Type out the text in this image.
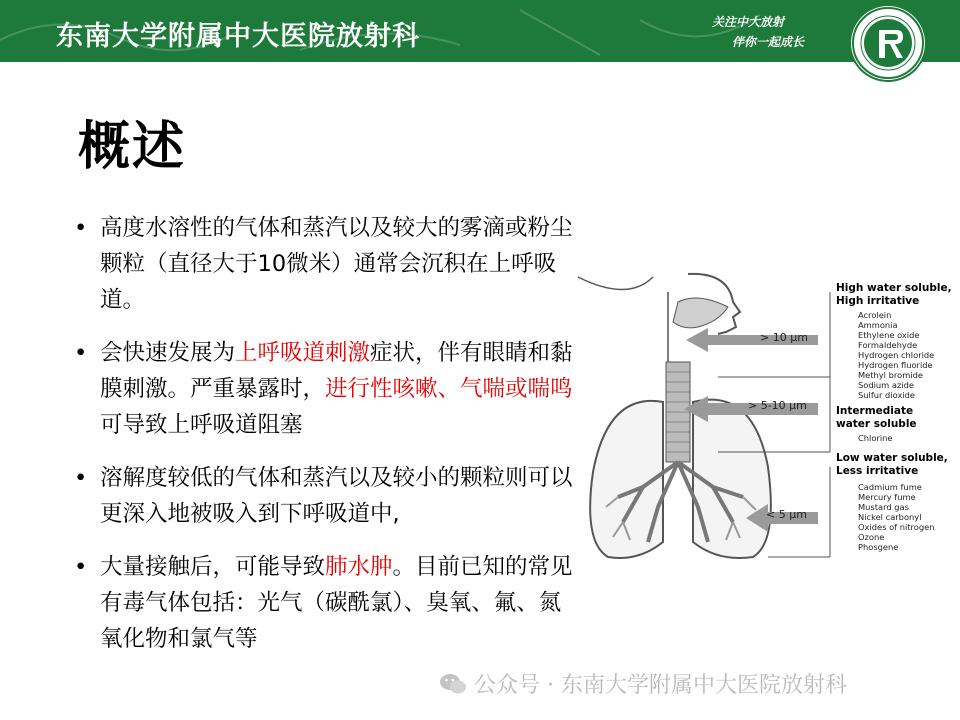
东南大学附属中大医院放射科	关注中大放射
伴你一起成长
概述
• 高度水溶性的气体和蒸汽以及较大的雾滴或粉尘颗粒（直径大于10微米）通常会沉积在上呼吸道。
• 会快速发展为上呼吸道刺激症状，伴有眼睛和黏膜刺激。严重暴露时，进行性咳嗽、气喘或喘鸣可导致上呼吸道阻塞
• 溶解度较低的气体和蒸汽以及较小的颗粒则可以更深入地被吸入到下呼吸道中,
• 大量接触后，可能导致肺水肿。目前已知的常见有毒气体包括：光气（碳酰氯）、臭氧、氟、氮氧化物和氯气等
> 10 μm
> 5-10 μm
< 5 μm
High water soluble,
High irritative
Acrolein
Ammonia
Ethylene oxide
Formaldehyde
Hydrogen chloride
Hydrogen fluoride
Methyl bromide
Sodium azide
Sulfur dioxide
Intermediate
water soluble
Chlorine
Low water soluble,
Less irritative
Cadmium fume
Mercury fume
Mustard gas
Nickel carbonyl
Oxides of nitrogen
Ozone
Phosgene
公众号 · 东南大学附属中大医院放射科
